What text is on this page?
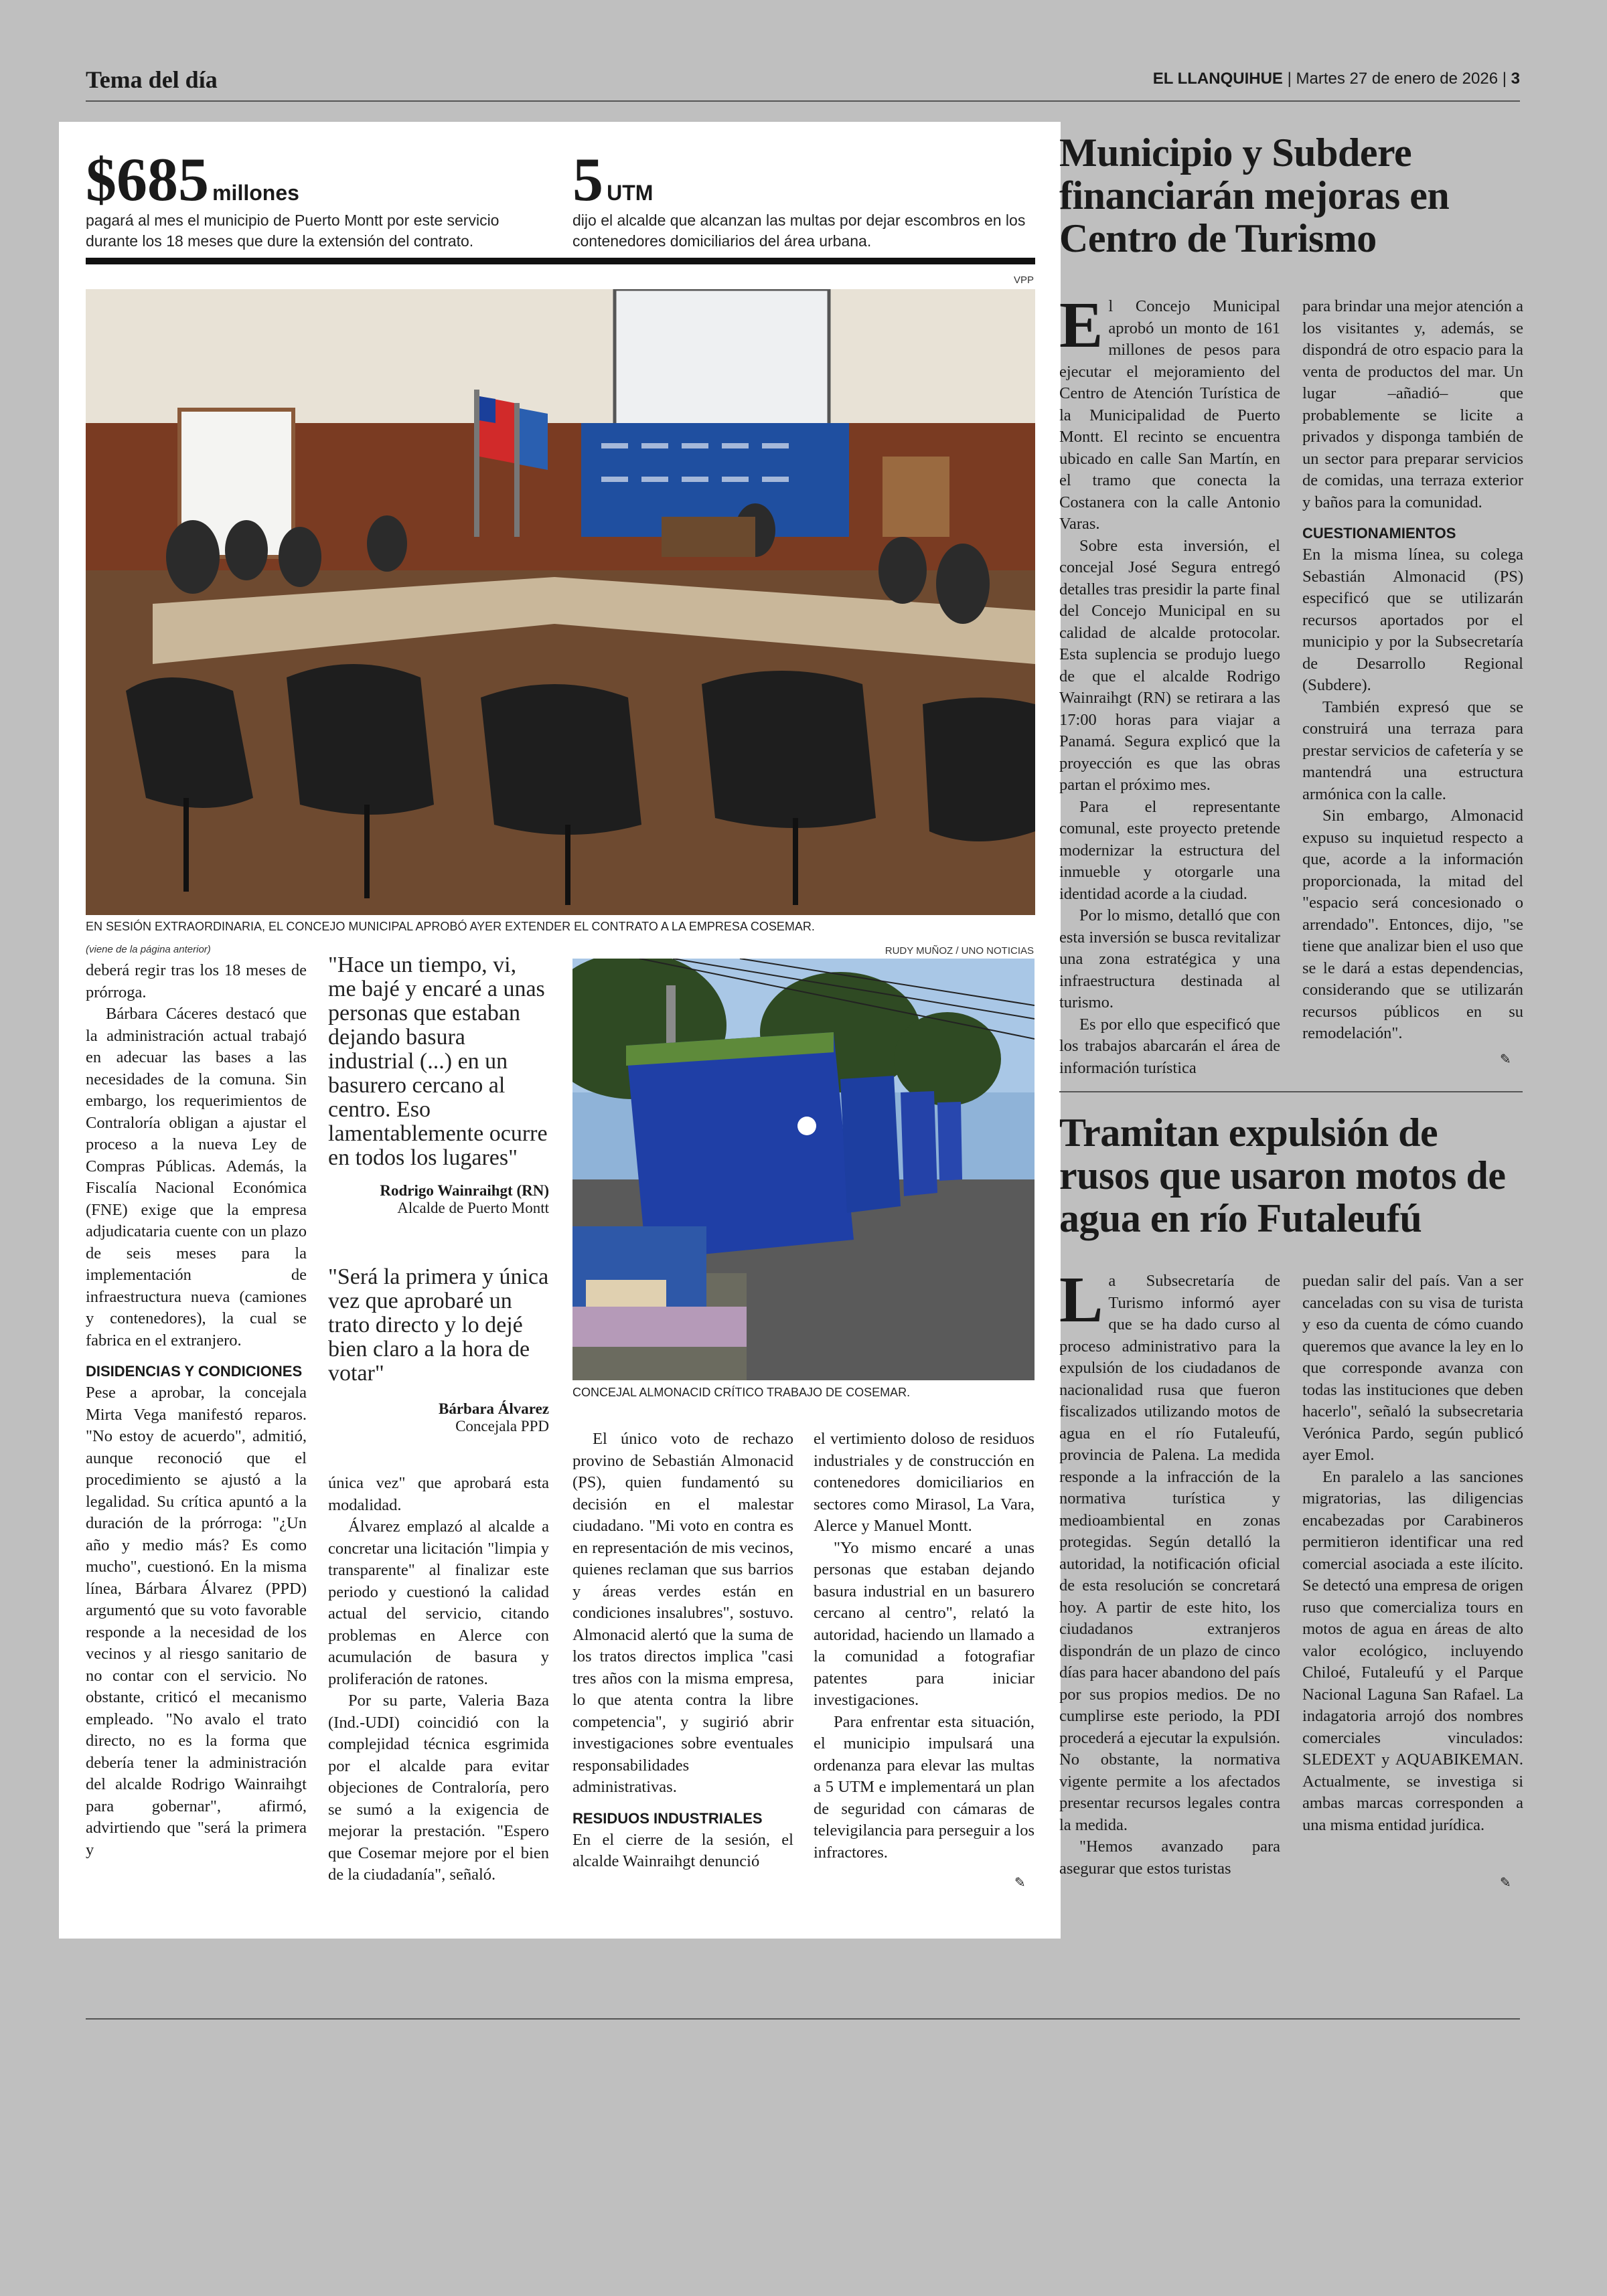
Tema del día	EL LLANQUIHUE | Martes 27 de enero de 2026 | 3
$685 millones
pagará al mes el municipio de Puerto Montt por este servicio durante los 18 meses que dure la extensión del contrato.
5 UTM
dijo el alcalde que alcanzan las multas por dejar escombros en los contenedores domiciliarios del área urbana.
VPP
EN SESIÓN EXTRAORDINARIA, EL CONCEJO MUNICIPAL APROBÓ AYER EXTENDER EL CONTRATO A LA EMPRESA COSEMAR.
(viene de la página anterior)

deberá regir tras los 18 meses de prórroga.

Bárbara Cáceres destacó que la administración actual trabajó en adecuar las bases a las necesidades de la comuna. Sin embargo, los requerimientos de Contraloría obligan a ajustar el proceso a la nueva Ley de Compras Públicas. Además, la Fiscalía Nacional Económica (FNE) exige que la empresa adjudicataria cuente con un plazo de seis meses para la implementación de infraestructura nueva (camiones y contenedores), la cual se fabrica en el extranjero.

DISIDENCIAS Y CONDICIONES

Pese a aprobar, la concejala Mirta Vega manifestó reparos. "No estoy de acuerdo", admitió, aunque reconoció que el procedimiento se ajustó a la legalidad. Su crítica apuntó a la duración de la prórroga: "¿Un año y medio más? Es como mucho", cuestionó. En la misma línea, Bárbara Álvarez (PPD) argumentó que su voto favorable responde a la necesidad de los vecinos y al riesgo sanitario de no contar con el servicio. No obstante, criticó el mecanismo empleado. "No avalo el trato directo, no es la forma que debería tener la administración del alcalde Rodrigo Wainraihgt para gobernar", afirmó, advirtiendo que "será la primera y

"Hace un tiempo, vi, me bajé y encaré a unas personas que estaban dejando basura industrial (...) en un basurero cercano al centro. Eso lamentablemente ocurre en todos los lugares"
Rodrigo Wainraihgt (RN)
Alcalde de Puerto Montt
"Será la primera y única vez que aprobaré un trato directo y lo dejé bien claro a la hora de votar"
Bárbara Álvarez
Concejala PPD

única vez" que aprobará esta modalidad.

Álvarez emplazó al alcalde a concretar una licitación "limpia y transparente" al finalizar este periodo y cuestionó la calidad actual del servicio, citando problemas en Alerce con acumulación de basura y proliferación de ratones.

Por su parte, Valeria Baza (Ind.-UDI) coincidió con la complejidad técnica esgrimida por el alcalde para evitar objeciones de Contraloría, pero se sumó a la exigencia de mejorar la prestación. "Espero que Cosemar mejore por el bien de la ciudadanía", señaló.

RUDY MUÑOZ / UNO NOTICIAS
CONCEJAL ALMONACID CRÍTICO TRABAJO DE COSEMAR.

El único voto de rechazo provino de Sebastián Almonacid (PS), quien fundamentó su decisión en el malestar ciudadano. "Mi voto en contra es en representación de mis vecinos, quienes reclaman que sus barrios y áreas verdes están en condiciones insalubres", sostuvo. Almonacid alertó que la suma de los tratos directos implica "casi tres años con la misma empresa, lo que atenta contra la libre competencia", y sugirió abrir investigaciones sobre eventuales responsabilidades administrativas.

RESIDUOS INDUSTRIALES

En el cierre de la sesión, el alcalde Wainraihgt denunció

el vertimiento doloso de residuos industriales y de construcción en contenedores domiciliarios en sectores como Mirasol, La Vara, Alerce y Manuel Montt.

"Yo mismo encaré a unas personas que estaban dejando basura industrial en un basurero cercano al centro", relató la autoridad, haciendo un llamado a la comunidad a fotografiar patentes para iniciar investigaciones.

Para enfrentar esta situación, el municipio impulsará una ordenanza para elevar las multas a 5 UTM e implementará un plan de seguridad con cámaras de televigilancia para perseguir a los infractores.

✎
Municipio y Subdere financiarán mejoras en Centro de Turismo
E l Concejo Municipal aprobó un monto de 161 millones de pesos para ejecutar el mejoramiento del Centro de Atención Turística de la Municipalidad de Puerto Montt. El recinto se encuentra ubicado en calle San Martín, en el tramo que conecta la Costanera con la calle Antonio Varas.

Sobre esta inversión, el concejal José Segura entregó detalles tras presidir la parte final del Concejo Municipal en su calidad de alcalde protocolar. Esta suplencia se produjo luego de que el alcalde Rodrigo Wainraihgt (RN) se retirara a las 17:00 horas para viajar a Panamá. Segura explicó que la proyección es que las obras partan el próximo mes.

Para el representante comunal, este proyecto pretende modernizar la estructura del inmueble y otorgarle una identidad acorde a la ciudad.

Por lo mismo, detalló que con esta inversión se busca revitalizar una zona estratégica y una infraestructura destinada al turismo.

Es por ello que especificó que los trabajos abarcarán el área de información turística

para brindar una mejor atención a los visitantes y, además, se dispondrá de otro espacio para la venta de productos del mar. Un lugar –añadió– que probablemente se licite a privados y disponga también de un sector para preparar servicios de comidas, una terraza exterior y baños para la comunidad.

CUESTIONAMIENTOS

En la misma línea, su colega Sebastián Almonacid (PS) especificó que se utilizarán recursos aportados por el municipio y por la Subsecretaría de Desarrollo Regional (Subdere).

También expresó que se construirá una terraza para prestar servicios de cafetería y se mantendrá una estructura armónica con la calle.

Sin embargo, Almonacid expuso su inquietud respecto a que, acorde a la información proporcionada, la mitad del "espacio será concesionado o arrendado". Entonces, dijo, "se tiene que analizar bien el uso que se le dará a estas dependencias, considerando que se utilizarán recursos públicos en su remodelación".

✎
Tramitan expulsión de rusos que usaron motos de agua en río Futaleufú
L a Subsecretaría de Turismo informó ayer que se ha dado curso al proceso administrativo para la expulsión de los ciudadanos de nacionalidad rusa que fueron fiscalizados utilizando motos de agua en el río Futaleufú, provincia de Palena. La medida responde a la infracción de la normativa turística y medioambiental en zonas protegidas. Según detalló la autoridad, la notificación oficial de esta resolución se concretará hoy. A partir de este hito, los ciudadanos extranjeros dispondrán de un plazo de cinco días para hacer abandono del país por sus propios medios. De no cumplirse este periodo, la PDI procederá a ejecutar la expulsión. No obstante, la normativa vigente permite a los afectados presentar recursos legales contra la medida.

"Hemos avanzado para asegurar que estos turistas

puedan salir del país. Van a ser canceladas con su visa de turista y eso da cuenta de cómo cuando queremos que avance la ley en lo que corresponde avanza con todas las instituciones que deben hacerlo", señaló la subsecretaria Verónica Pardo, según publicó ayer Emol.

En paralelo a las sanciones migratorias, las diligencias encabezadas por Carabineros permitieron identificar una red comercial asociada a este ilícito. Se detectó una empresa de origen ruso que comercializa tours en motos de agua en áreas de alto valor ecológico, incluyendo Chiloé, Futaleufú y el Parque Nacional Laguna San Rafael. La indagatoria arrojó dos nombres comerciales vinculados: SLEDEXT y AQUABIKEMAN. Actualmente, se investiga si ambas marcas corresponden a una misma entidad jurídica.

✎
